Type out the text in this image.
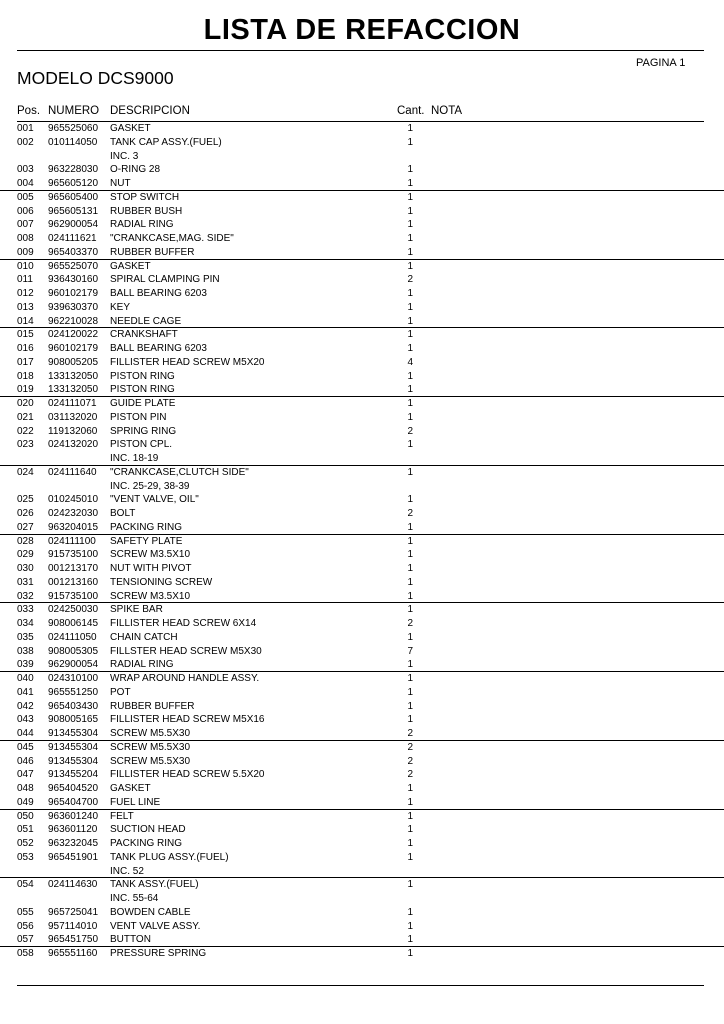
LISTA DE REFACCION
PAGINA 1
MODELO DCS9000
Pos. NUMERO DESCRIPCION	Cant. NOTA
001 965525060 GASKET	1
002 010114050 TANK CAP ASSY.(FUEL)	1
INC. 3
003 963228030 O-RING 28	1
004 965605120 NUT	1
005 965605400 STOP SWITCH	1
006 965605131 RUBBER BUSH	1
007 962900054 RADIAL RING	1
008 024111621 "CRANKCASE,MAG. SIDE"	1
009 965403370 RUBBER BUFFER	1
010 965525070 GASKET	1
011 936430160 SPIRAL CLAMPING PIN	2
012 960102179 BALL BEARING 6203	1
013 939630370 KEY	1
014 962210028 NEEDLE CAGE	1
015 024120022 CRANKSHAFT	1
016 960102179 BALL BEARING 6203	1
017 908005205 FILLISTER HEAD SCREW M5X20	4
018 133132050 PISTON RING	1
019 133132050 PISTON RING	1
020 024111071 GUIDE PLATE	1
021 031132020 PISTON PIN	1
022 119132060 SPRING RING	2
023 024132020 PISTON CPL.	1
INC. 18-19
024 024111640 "CRANKCASE,CLUTCH SIDE"	1
INC. 25-29, 38-39
025 010245010 "VENT VALVE, OIL"	1
026 024232030 BOLT	2
027 963204015 PACKING RING	1
028 024111100 SAFETY PLATE	1
029 915735100 SCREW M3.5X10	1
030 001213170 NUT WITH PIVOT	1
031 001213160 TENSIONING SCREW	1
032 915735100 SCREW M3.5X10	1
033 024250030 SPIKE BAR	1
034 908006145 FILLISTER HEAD SCREW 6X14	2
035 024111050 CHAIN CATCH	1
038 908005305 FILLSTER HEAD SCREW M5X30	7
039 962900054 RADIAL RING	1
040 024310100 WRAP AROUND HANDLE ASSY.	1
041 965551250 POT	1
042 965403430 RUBBER BUFFER	1
043 908005165 FILLISTER HEAD SCREW M5X16	1
044 913455304 SCREW M5.5X30	2
045 913455304 SCREW M5.5X30	2
046 913455304 SCREW M5.5X30	2
047 913455204 FILLISTER HEAD SCREW 5.5X20	2
048 965404520 GASKET	1
049 965404700 FUEL LINE	1
050 963601240 FELT	1
051 963601120 SUCTION HEAD	1
052 963232045 PACKING RING	1
053 965451901 TANK PLUG ASSY.(FUEL)	1
INC. 52
054 024114630 TANK ASSY.(FUEL)	1
INC. 55-64
055 965725041 BOWDEN CABLE	1
056 957114010 VENT VALVE ASSY.	1
057 965451750 BUTTON	1
058 965551160 PRESSURE SPRING	1
